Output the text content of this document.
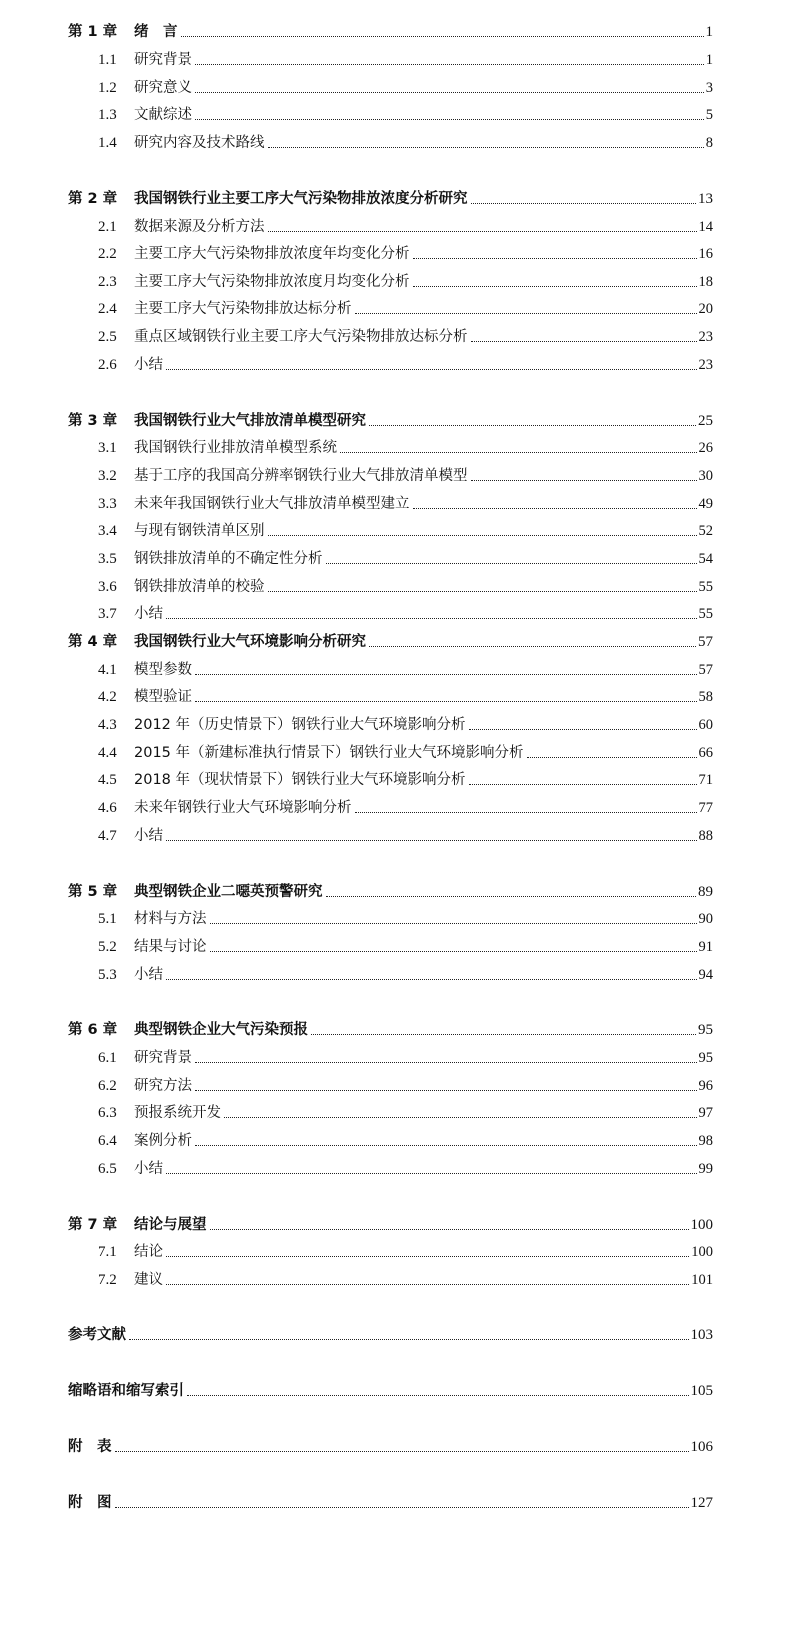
第 1 章	绪　言	1
1.1	研究背景	1
1.2	研究意义	3
1.3	文献综述	5
1.4	研究内容及技术路线	8
第 2 章	我国钢铁行业主要工序大气污染物排放浓度分析研究	13
2.1	数据来源及分析方法	14
2.2	主要工序大气污染物排放浓度年均变化分析	16
2.3	主要工序大气污染物排放浓度月均变化分析	18
2.4	主要工序大气污染物排放达标分析	20
2.5	重点区域钢铁行业主要工序大气污染物排放达标分析	23
2.6	小结	23
第 3 章	我国钢铁行业大气排放清单模型研究	25
3.1	我国钢铁行业排放清单模型系统	26
3.2	基于工序的我国高分辨率钢铁行业大气排放清单模型	30
3.3	未来年我国钢铁行业大气排放清单模型建立	49
3.4	与现有钢铁清单区别	52
3.5	钢铁排放清单的不确定性分析	54
3.6	钢铁排放清单的校验	55
3.7	小结	55
第 4 章	我国钢铁行业大气环境影响分析研究	57
4.1	模型参数	57
4.2	模型验证	58
4.3	2012 年（历史情景下）钢铁行业大气环境影响分析	60
4.4	2015 年（新建标准执行情景下）钢铁行业大气环境影响分析	66
4.5	2018 年（现状情景下）钢铁行业大气环境影响分析	71
4.6	未来年钢铁行业大气环境影响分析	77
4.7	小结	88
第 5 章	典型钢铁企业二噁英预警研究	89
5.1	材料与方法	90
5.2	结果与讨论	91
5.3	小结	94
第 6 章	典型钢铁企业大气污染预报	95
6.1	研究背景	95
6.2	研究方法	96
6.3	预报系统开发	97
6.4	案例分析	98
6.5	小结	99
第 7 章	结论与展望	100
7.1	结论	100
7.2	建议	101
参考文献	103
缩略语和缩写索引	105
附　表	106
附　图	127
